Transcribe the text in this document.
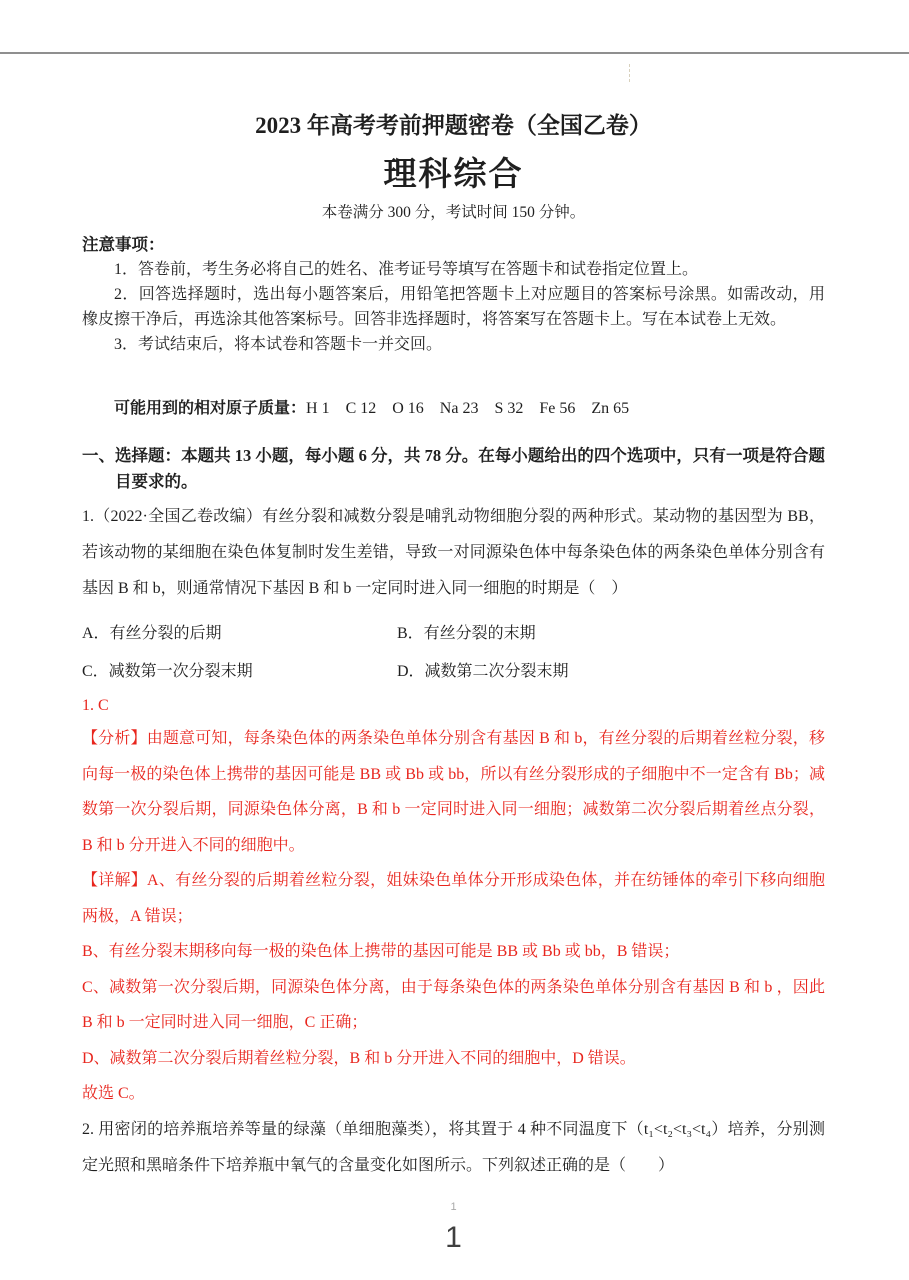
2023 年高考考前押题密卷（全国乙卷）
理科综合
本卷满分 300 分，考试时间 150 分钟。
注意事项：
1．答卷前，考生务必将自己的姓名、准考证号等填写在答题卡和试卷指定位置上。
2．回答选择题时，选出每小题答案后，用铅笔把答题卡上对应题目的答案标号涂黑。如需改动，用橡皮擦干净后，再选涂其他答案标号。回答非选择题时，将答案写在答题卡上。写在本试卷上无效。
3．考试结束后，将本试卷和答题卡一并交回。
可能用到的相对原子质量：H 1　C 12　O 16　Na 23　S 32　Fe 56　Zn 65
一、选择题：本题共 13 小题，每小题 6 分，共 78 分。在每小题给出的四个选项中，只有一项是符合题目要求的。
1.（2022·全国乙卷改编）有丝分裂和减数分裂是哺乳动物细胞分裂的两种形式。某动物的基因型为 BB，若该动物的某细胞在染色体复制时发生差错，导致一对同源染色体中每条染色体的两条染色单体分别含有基因 B 和 b，则通常情况下基因 B 和 b 一定同时进入同一细胞的时期是（　）
A．有丝分裂的后期	B．有丝分裂的末期
C．减数第一次分裂末期	D．减数第二次分裂末期
1. C
【分析】由题意可知，每条染色体的两条染色单体分别含有基因 B 和 b，有丝分裂的后期着丝粒分裂，移向每一极的染色体上携带的基因可能是 BB 或 Bb 或 bb，所以有丝分裂形成的子细胞中不一定含有 Bb；减数第一次分裂后期，同源染色体分离，B 和 b 一定同时进入同一细胞；减数第二次分裂后期着丝点分裂，B 和 b 分开进入不同的细胞中。
【详解】A、有丝分裂的后期着丝粒分裂，姐妹染色单体分开形成染色体，并在纺锤体的牵引下移向细胞两极，A 错误；
B、有丝分裂末期移向每一极的染色体上携带的基因可能是 BB 或 Bb 或 bb，B 错误；
C、减数第一次分裂后期，同源染色体分离，由于每条染色体的两条染色单体分别含有基因 B 和 b ，因此 B 和 b 一定同时进入同一细胞，C 正确；
D、减数第二次分裂后期着丝粒分裂，B 和 b 分开进入不同的细胞中，D 错误。
故选 C。
2. 用密闭的培养瓶培养等量的绿藻（单细胞藻类），将其置于 4 种不同温度下（t₁<t₂<t₃<t₄）培养，分别测定光照和黑暗条件下培养瓶中氧气的含量变化如图所示。下列叙述正确的是（　　）
1
1
